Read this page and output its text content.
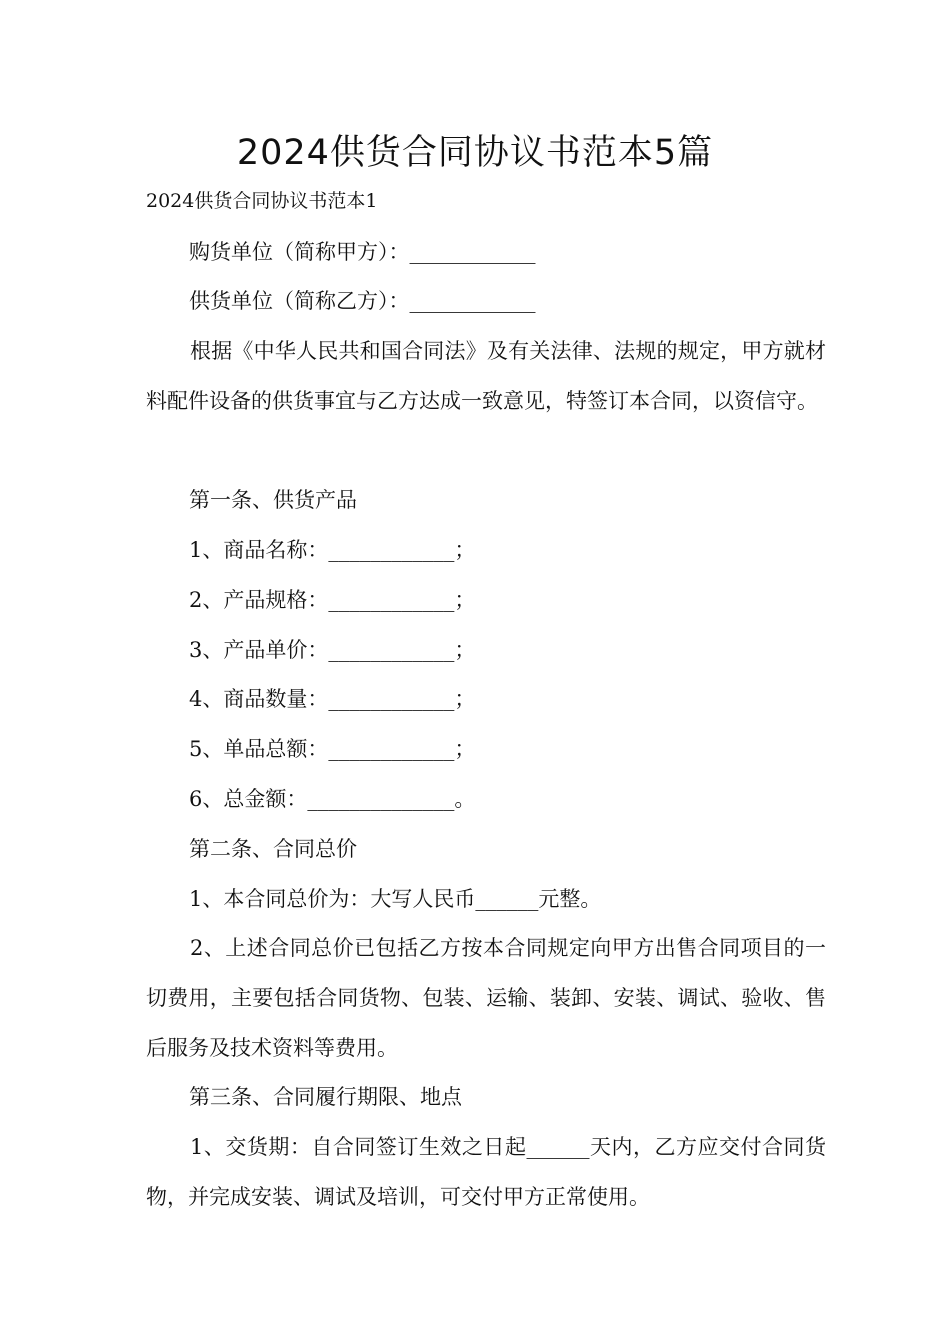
2024供货合同协议书范本5篇

2024供货合同协议书范本1

购货单位（简称甲方）：____________

供货单位（简称乙方）：____________

根据《中华人民共和国合同法》及有关法律、法规的规定，甲方就材料配件设备的供货事宜与乙方达成一致意见，特签订本合同，以资信守。

第一条、供货产品

1、商品名称：____________；

2、产品规格：____________；

3、产品单价：____________；

4、商品数量：____________；

5、单品总额：____________；

6、总金额：______________。

第二条、合同总价

1、本合同总价为：大写人民币______元整。

2、上述合同总价已包括乙方按本合同规定向甲方出售合同项目的一切费用，主要包括合同货物、包装、运输、装卸、安装、调试、验收、售后服务及技术资料等费用。

第三条、合同履行期限、地点

1、交货期：自合同签订生效之日起______天内，乙方应交付合同货物，并完成安装、调试及培训，可交付甲方正常使用。
